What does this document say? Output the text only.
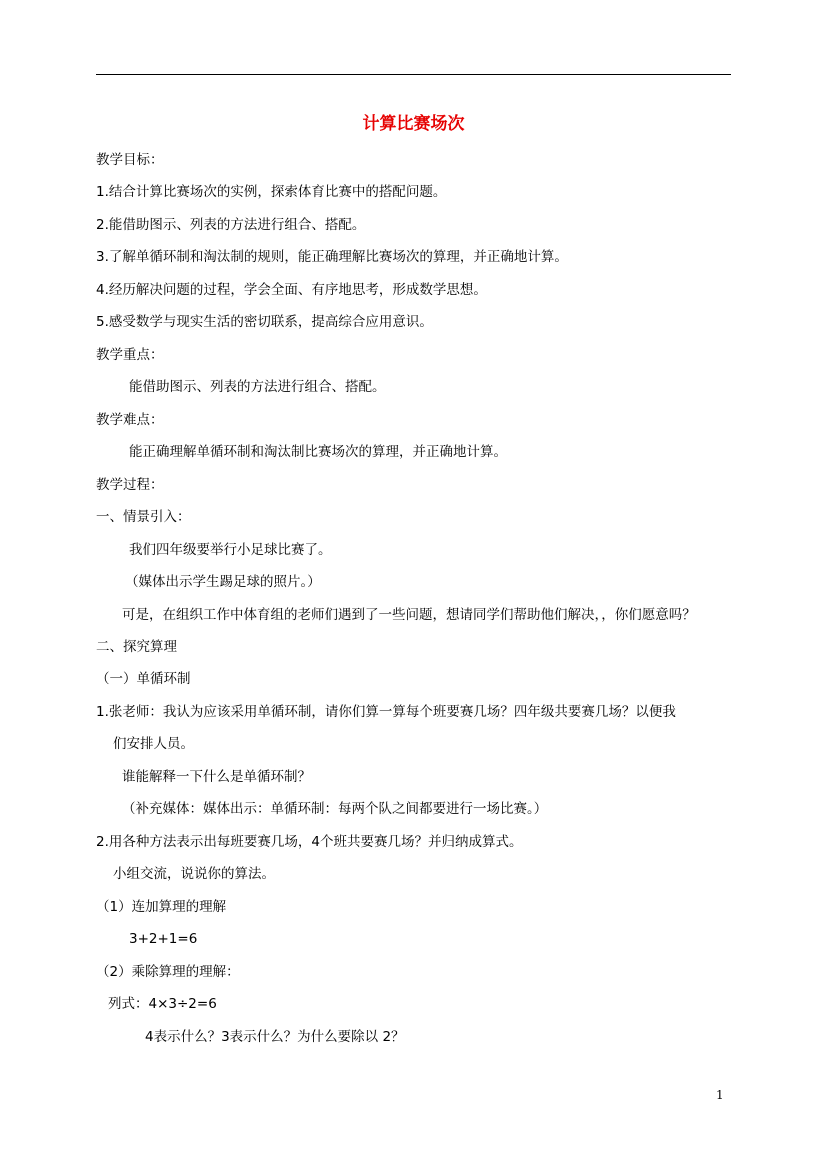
计算比赛场次
教学目标：
1.结合计算比赛场次的实例，探索体育比赛中的搭配问题。
2.能借助图示、列表的方法进行组合、搭配。
3.了解单循环制和淘汰制的规则，能正确理解比赛场次的算理，并正确地计算。
4.经历解决问题的过程，学会全面、有序地思考，形成数学思想。
5.感受数学与现实生活的密切联系，提高综合应用意识。
教学重点：
能借助图示、列表的方法进行组合、搭配。
教学难点：
能正确理解单循环制和淘汰制比赛场次的算理，并正确地计算。
教学过程：
一、情景引入：
我们四年级要举行小足球比赛了。
（媒体出示学生踢足球的照片。）
可是，在组织工作中体育组的老师们遇到了一些问题，想请同学们帮助他们解决，，你们愿意吗？
二、探究算理
（一）单循环制
1.张老师：我认为应该采用单循环制，请你们算一算每个班要赛几场？四年级共要赛几场？以便我
们安排人员。
谁能解释一下什么是单循环制？
（补充媒体：媒体出示：单循环制：每两个队之间都要进行一场比赛。）
2.用各种方法表示出每班要赛几场，4个班共要赛几场？并归纳成算式。
小组交流，说说你的算法。
（1）连加算理的理解
3+2+1=6
（2）乘除算理的理解：
列式：4×3÷2=6
4表示什么？3表示什么？为什么要除以 2？
1
